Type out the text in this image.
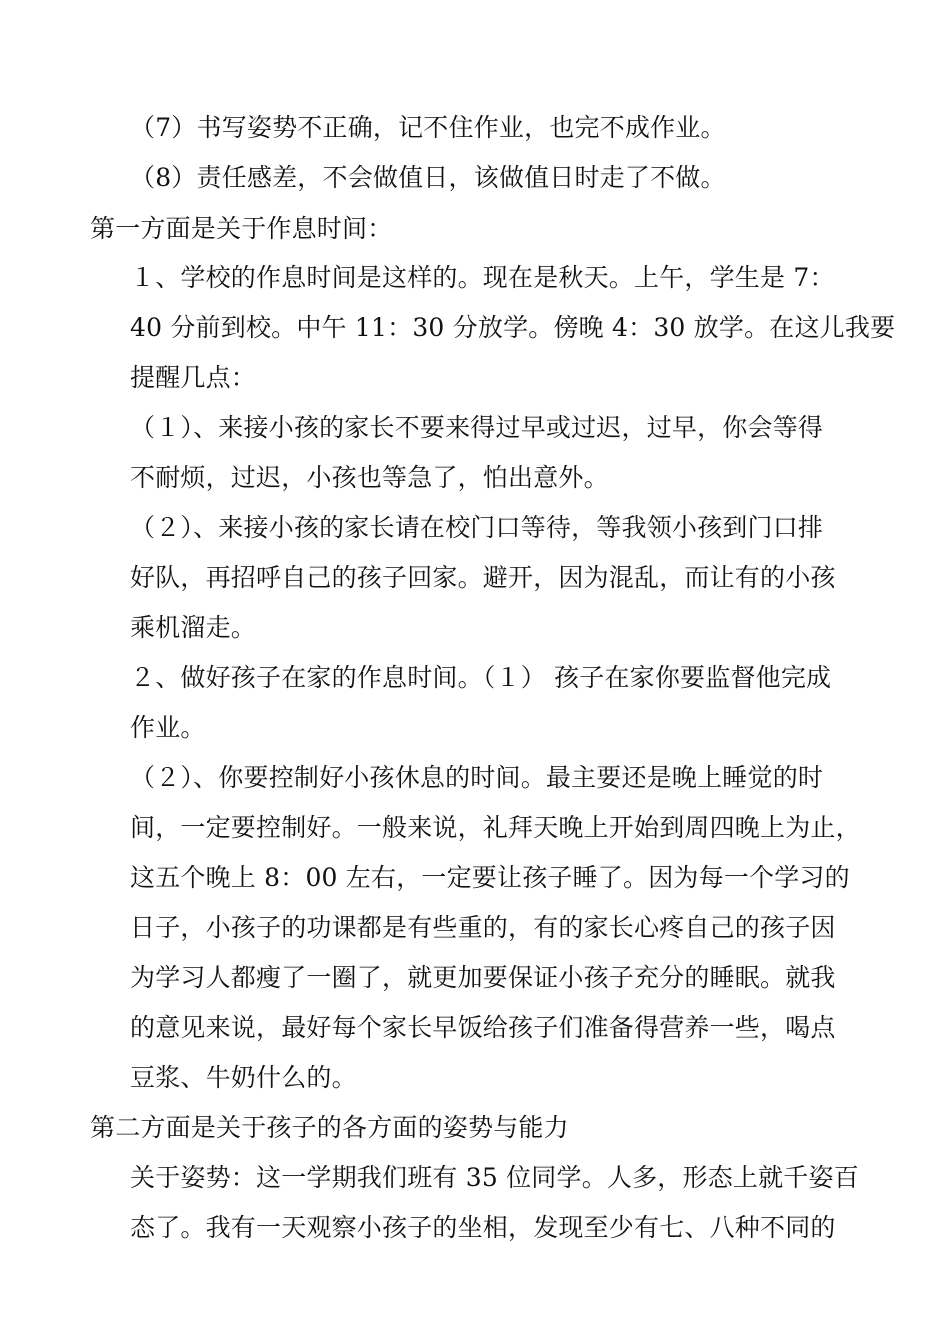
（7）书写姿势不正确，记不住作业，也完不成作业。
（8）责任感差，不会做值日，该做值日时走了不做。
第一方面是关于作息时间：
１、学校的作息时间是这样的。现在是秋天。上午，学生是 7：
40 分前到校。中午 11：30 分放学。傍晚 4：30 放学。在这儿我要
提醒几点：
（１）、来接小孩的家长不要来得过早或过迟，过早，你会等得
不耐烦，过迟，小孩也等急了，怕出意外。
（２）、来接小孩的家长请在校门口等待，等我领小孩到门口排
好队，再招呼自己的孩子回家。避开，因为混乱，而让有的小孩
乘机溜走。
２、做好孩子在家的作息时间。（１） 孩子在家你要监督他完成
作业。
（２）、你要控制好小孩休息的时间。最主要还是晚上睡觉的时
间，一定要控制好。一般来说，礼拜天晚上开始到周四晚上为止，
这五个晚上 8：00 左右，一定要让孩子睡了。因为每一个学习的
日子，小孩子的功课都是有些重的，有的家长心疼自己的孩子因
为学习人都瘦了一圈了，就更加要保证小孩子充分的睡眠。就我
的意见来说，最好每个家长早饭给孩子们准备得营养一些，喝点
豆浆、牛奶什么的。
第二方面是关于孩子的各方面的姿势与能力
关于姿势：这一学期我们班有 35 位同学。人多，形态上就千姿百
态了。我有一天观察小孩子的坐相，发现至少有七、八种不同的
